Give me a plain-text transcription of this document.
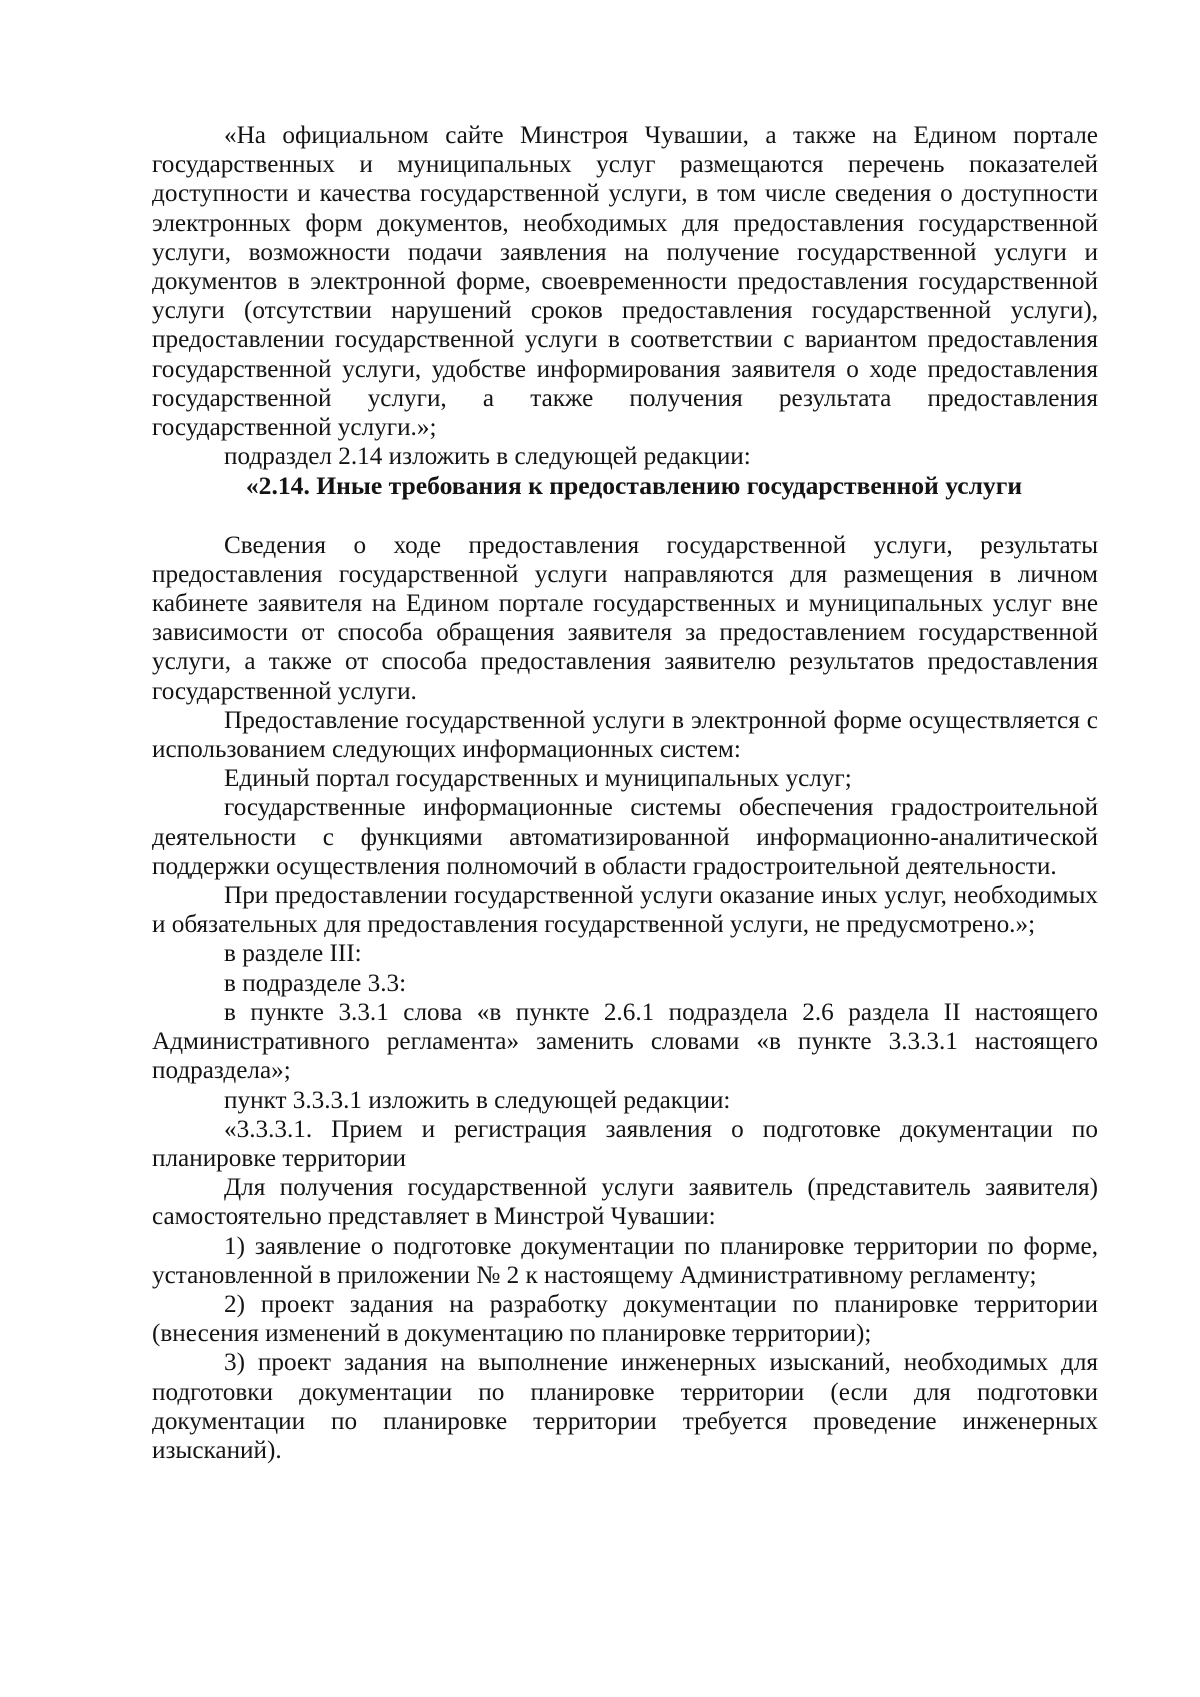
«На официальном сайте Минстроя Чувашии, а также на Едином портале государственных и муниципальных услуг размещаются перечень показателей доступности и качества государственной услуги, в том числе сведения о доступности электронных форм документов, необходимых для предоставления государственной услуги, возможности подачи заявления на получение государственной услуги и документов в электронной форме, своевременности предоставления государственной услуги (отсутствии нарушений сроков предоставления государственной услуги), предоставлении государственной услуги в соответствии с вариантом предоставления государственной услуги, удобстве информирования заявителя о ходе предоставления государственной услуги, а также получения результата предоставления государственной услуги.»;

подраздел 2.14 изложить в следующей редакции:

«2.14. Иные требования к предоставлению государственной услуги

Сведения о ходе предоставления государственной услуги, результаты предоставления государственной услуги направляются для размещения в личном кабинете заявителя на Едином портале государственных и муниципальных услуг вне зависимости от способа обращения заявителя за предоставлением государственной услуги, а также от способа предоставления заявителю результатов предоставления государственной услуги.

Предоставление государственной услуги в электронной форме осуществляется с использованием следующих информационных систем:

Единый портал государственных и муниципальных услуг;

государственные информационные системы обеспечения градостроительной деятельности с функциями автоматизированной информационно-аналитической поддержки осуществления полномочий в области градостроительной деятельности.

При предоставлении государственной услуги оказание иных услуг, необходимых и обязательных для предоставления государственной услуги, не предусмотрено.»;

в разделе III:

в подразделе 3.3:

в пункте 3.3.1 слова «в пункте 2.6.1 подраздела 2.6 раздела II настоящего Административного регламента» заменить словами «в пункте 3.3.3.1 настоящего подраздела»;

пункт 3.3.3.1 изложить в следующей редакции:

«3.3.3.1. Прием и регистрация заявления о подготовке документации по планировке территории

Для получения государственной услуги заявитель (представитель заявителя) самостоятельно представляет в Минстрой Чувашии:

1) заявление о подготовке документации по планировке территории по форме, установленной в приложении № 2 к настоящему Административному регламенту;

2) проект задания на разработку документации по планировке территории (внесения изменений в документацию по планировке территории);

3) проект задания на выполнение инженерных изысканий, необходимых для подготовки документации по планировке территории (если для подготовки документации по планировке территории требуется проведение инженерных изысканий).
